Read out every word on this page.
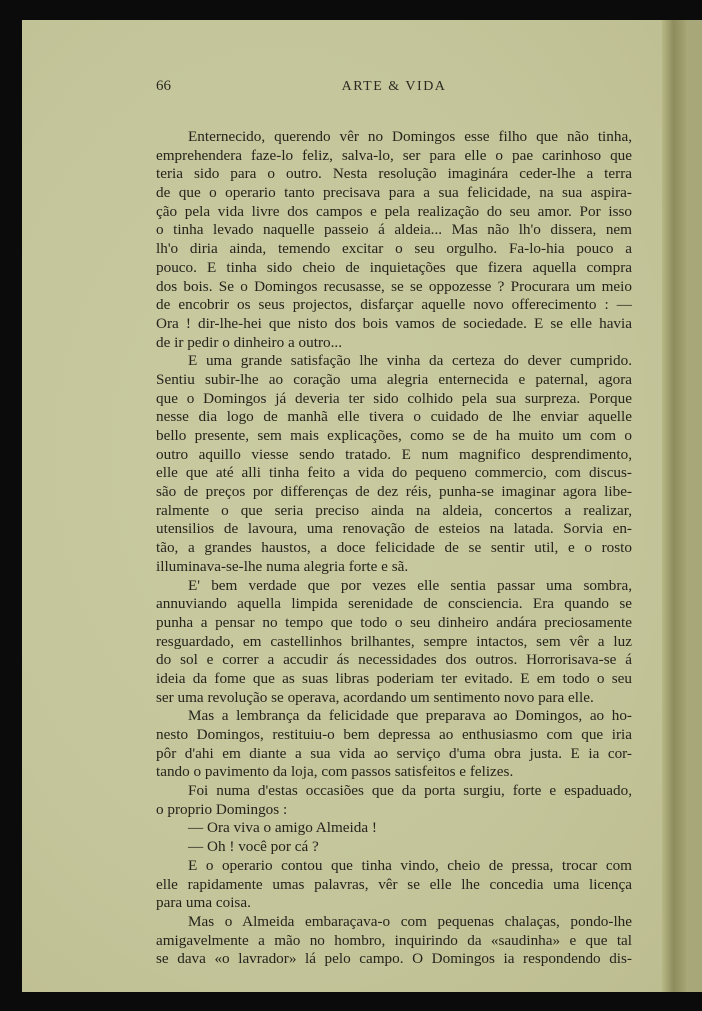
66	ARTE & VIDA
Enternecido, querendo vêr no Domingos esse filho que não tinha,
emprehendera faze-lo feliz, salva-lo, ser para elle o pae carinhoso que
teria sido para o outro. Nesta resolução imaginára ceder-lhe a terra
de que o operario tanto precisava para a sua felicidade, na sua aspira-
ção pela vida livre dos campos e pela realização do seu amor. Por isso
o tinha levado naquelle passeio á aldeia... Mas não lh'o dissera, nem
lh'o diria ainda, temendo excitar o seu orgulho. Fa-lo-hia pouco a
pouco. E tinha sido cheio de inquietações que fizera aquella compra
dos bois. Se o Domingos recusasse, se se oppozesse ? Procurara um meio
de encobrir os seus projectos, disfarçar aquelle novo offerecimento : —
Ora ! dir-lhe-hei que nisto dos bois vamos de sociedade. E se elle havia
de ir pedir o dinheiro a outro...
E uma grande satisfação lhe vinha da certeza do dever cumprido.
Sentiu subir-lhe ao coração uma alegria enternecida e paternal, agora
que o Domingos já deveria ter sido colhido pela sua surpreza. Porque
nesse dia logo de manhã elle tivera o cuidado de lhe enviar aquelle
bello presente, sem mais explicações, como se de ha muito um com o
outro aquillo viesse sendo tratado. E num magnifico desprendimento,
elle que até alli tinha feito a vida do pequeno commercio, com discus-
são de preços por differenças de dez réis, punha-se imaginar agora libe-
ralmente o que seria preciso ainda na aldeia, concertos a realizar,
utensilios de lavoura, uma renovação de esteios na latada. Sorvia en-
tão, a grandes haustos, a doce felicidade de se sentir util, e o rosto
illuminava-se-lhe numa alegria forte e sã.
E' bem verdade que por vezes elle sentia passar uma sombra,
annuviando aquella limpida serenidade de consciencia. Era quando se
punha a pensar no tempo que todo o seu dinheiro andára preciosamente
resguardado, em castellinhos brilhantes, sempre intactos, sem vêr a luz
do sol e correr a accudir ás necessidades dos outros. Horrorisava-se á
ideia da fome que as suas libras poderiam ter evitado. E em todo o seu
ser uma revolução se operava, acordando um sentimento novo para elle.
Mas a lembrança da felicidade que preparava ao Domingos, ao ho-
nesto Domingos, restituiu-o bem depressa ao enthusiasmo com que iria
pôr d'ahi em diante a sua vida ao serviço d'uma obra justa. E ia cor-
tando o pavimento da loja, com passos satisfeitos e felizes.
Foi numa d'estas occasiões que da porta surgiu, forte e espaduado,
o proprio Domingos :
— Ora viva o amigo Almeida !
— Oh ! você por cá ?
E o operario contou que tinha vindo, cheio de pressa, trocar com
elle rapidamente umas palavras, vêr se elle lhe concedia uma licença
para uma coisa.
Mas o Almeida embaraçava-o com pequenas chalaças, pondo-lhe
amigavelmente a mão no hombro, inquirindo da «saudinha» e que tal
se dava «o lavrador» lá pelo campo. O Domingos ia respondendo dis-
